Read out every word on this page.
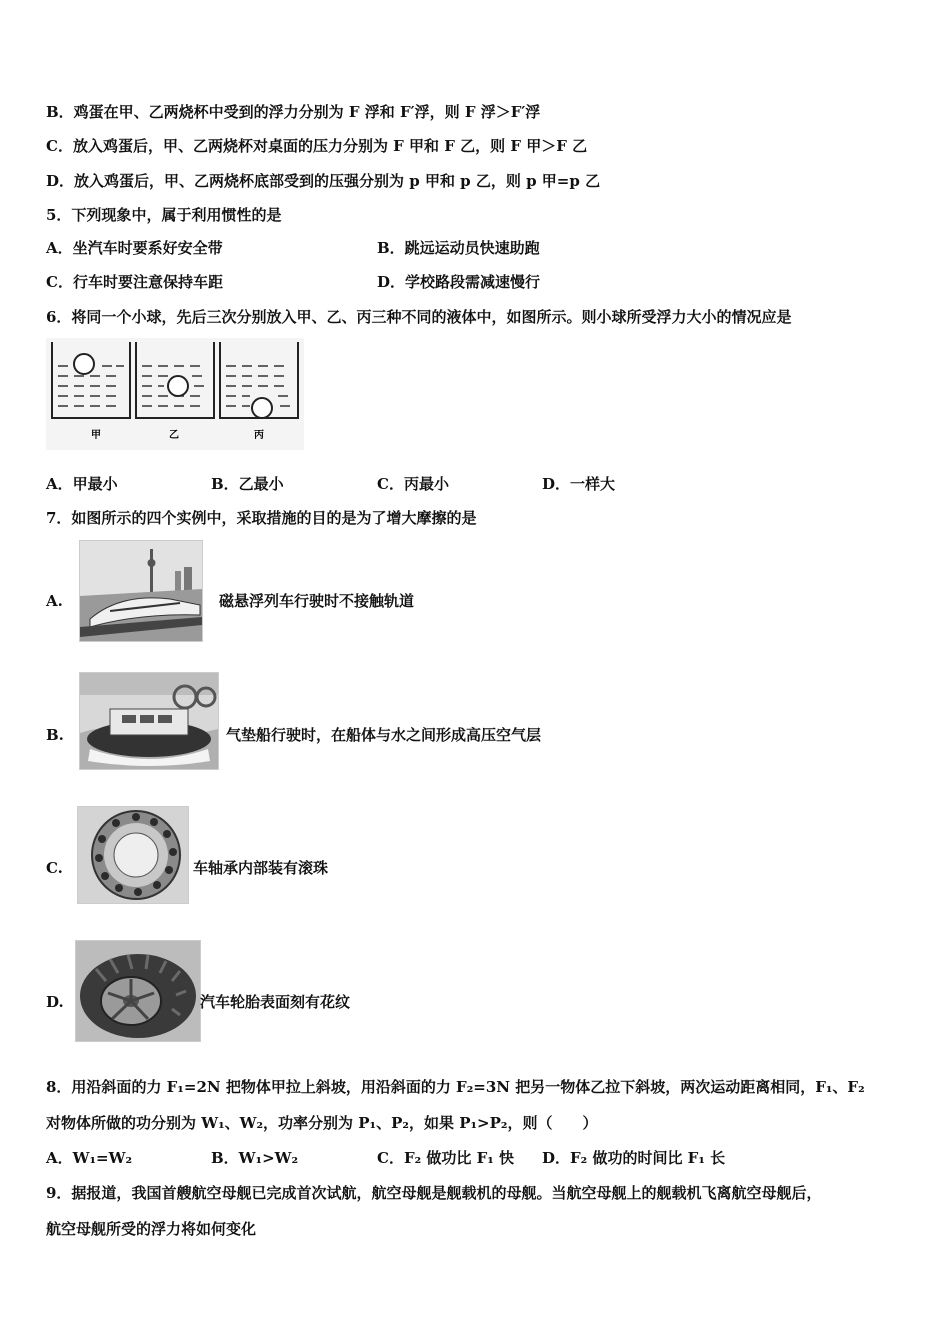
B．鸡蛋在甲、乙两烧杯中受到的浮力分别为 F 浮和 F′浮，则 F 浮＞F′浮
C．放入鸡蛋后，甲、乙两烧杯对桌面的压力分别为 F 甲和 F 乙，则 F 甲＞F 乙
D．放入鸡蛋后，甲、乙两烧杯底部受到的压强分别为 p 甲和 p 乙，则 p 甲=p 乙
5．下列现象中，属于利用惯性的是
A．坐汽车时要系好安全带	B．跳远运动员快速助跑
C．行车时要注意保持车距	D．学校路段需减速慢行
6．将同一个小球，先后三次分别放入甲、乙、丙三种不同的液体中，如图所示。则小球所受浮力大小的情况应是
甲	乙	丙
A．甲最小	B．乙最小	C．丙最小	D．一样大
7．如图所示的四个实例中，采取措施的目的是为了增大摩擦的是
A.	磁悬浮列车行驶时不接触轨道
B.	气垫船行驶时，在船体与水之间形成高压空气层
C.	车轴承内部装有滚珠
D.	汽车轮胎表面刻有花纹
8．用沿斜面的力 F₁=2N 把物体甲拉上斜坡，用沿斜面的力 F₂=3N 把另一物体乙拉下斜坡，两次运动距离相同，F₁、F₂
对物体所做的功分别为 W₁、W₂，功率分别为 P₁、P₂，如果 P₁>P₂，则（　　）
A．W₁=W₂	B．W₁>W₂	C．F₂ 做功比 F₁ 快 D．F₂ 做功的时间比 F₁ 长
9．据报道，我国首艘航空母舰已完成首次试航，航空母舰是舰载机的母舰。当航空母舰上的舰载机飞离航空母舰后，
航空母舰所受的浮力将如何变化
